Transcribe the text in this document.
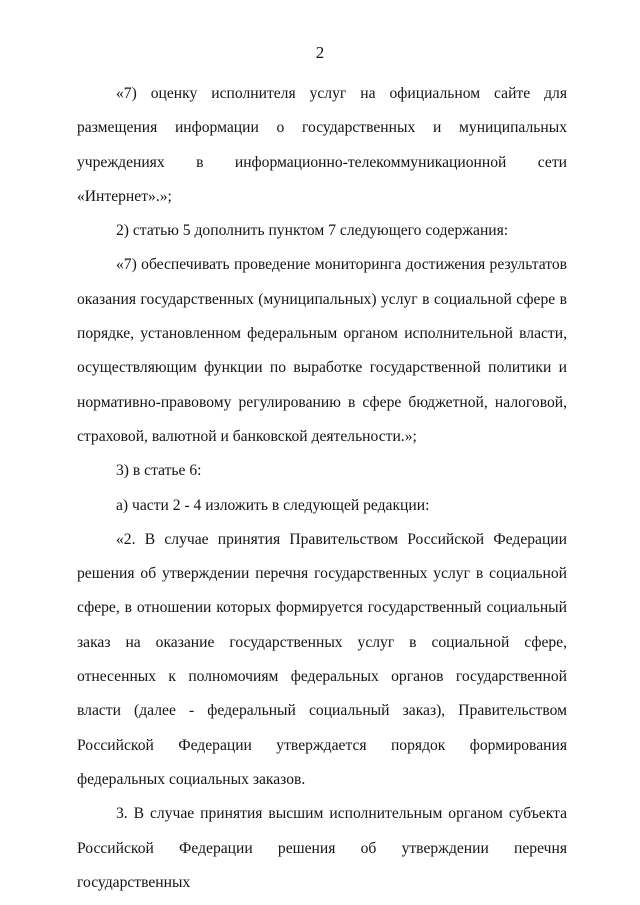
2

«7) оценку исполнителя услуг на официальном сайте для размещения информации о государственных и муниципальных учреждениях в информационно-телекоммуникационной сети «Интернет».»;

2) статью 5 дополнить пунктом 7 следующего содержания:

«7) обеспечивать проведение мониторинга достижения результатов оказания государственных (муниципальных) услуг в социальной сфере в порядке, установленном федеральным органом исполнительной власти, осуществляющим функции по выработке государственной политики и нормативно-правовому регулированию в сфере бюджетной, налоговой, страховой, валютной и банковской деятельности.»;

3) в статье 6:

а) части 2 - 4 изложить в следующей редакции:

«2. В случае принятия Правительством Российской Федерации решения об утверждении перечня государственных услуг в социальной сфере, в отношении которых формируется государственный социальный заказ на оказание государственных услуг в социальной сфере, отнесенных к полномочиям федеральных органов государственной власти (далее - федеральный социальный заказ), Правительством Российской Федерации утверждается порядок формирования федеральных социальных заказов.

3. В случае принятия высшим исполнительным органом субъекта

Российской Федерации решения об утверждении перечня государственных
